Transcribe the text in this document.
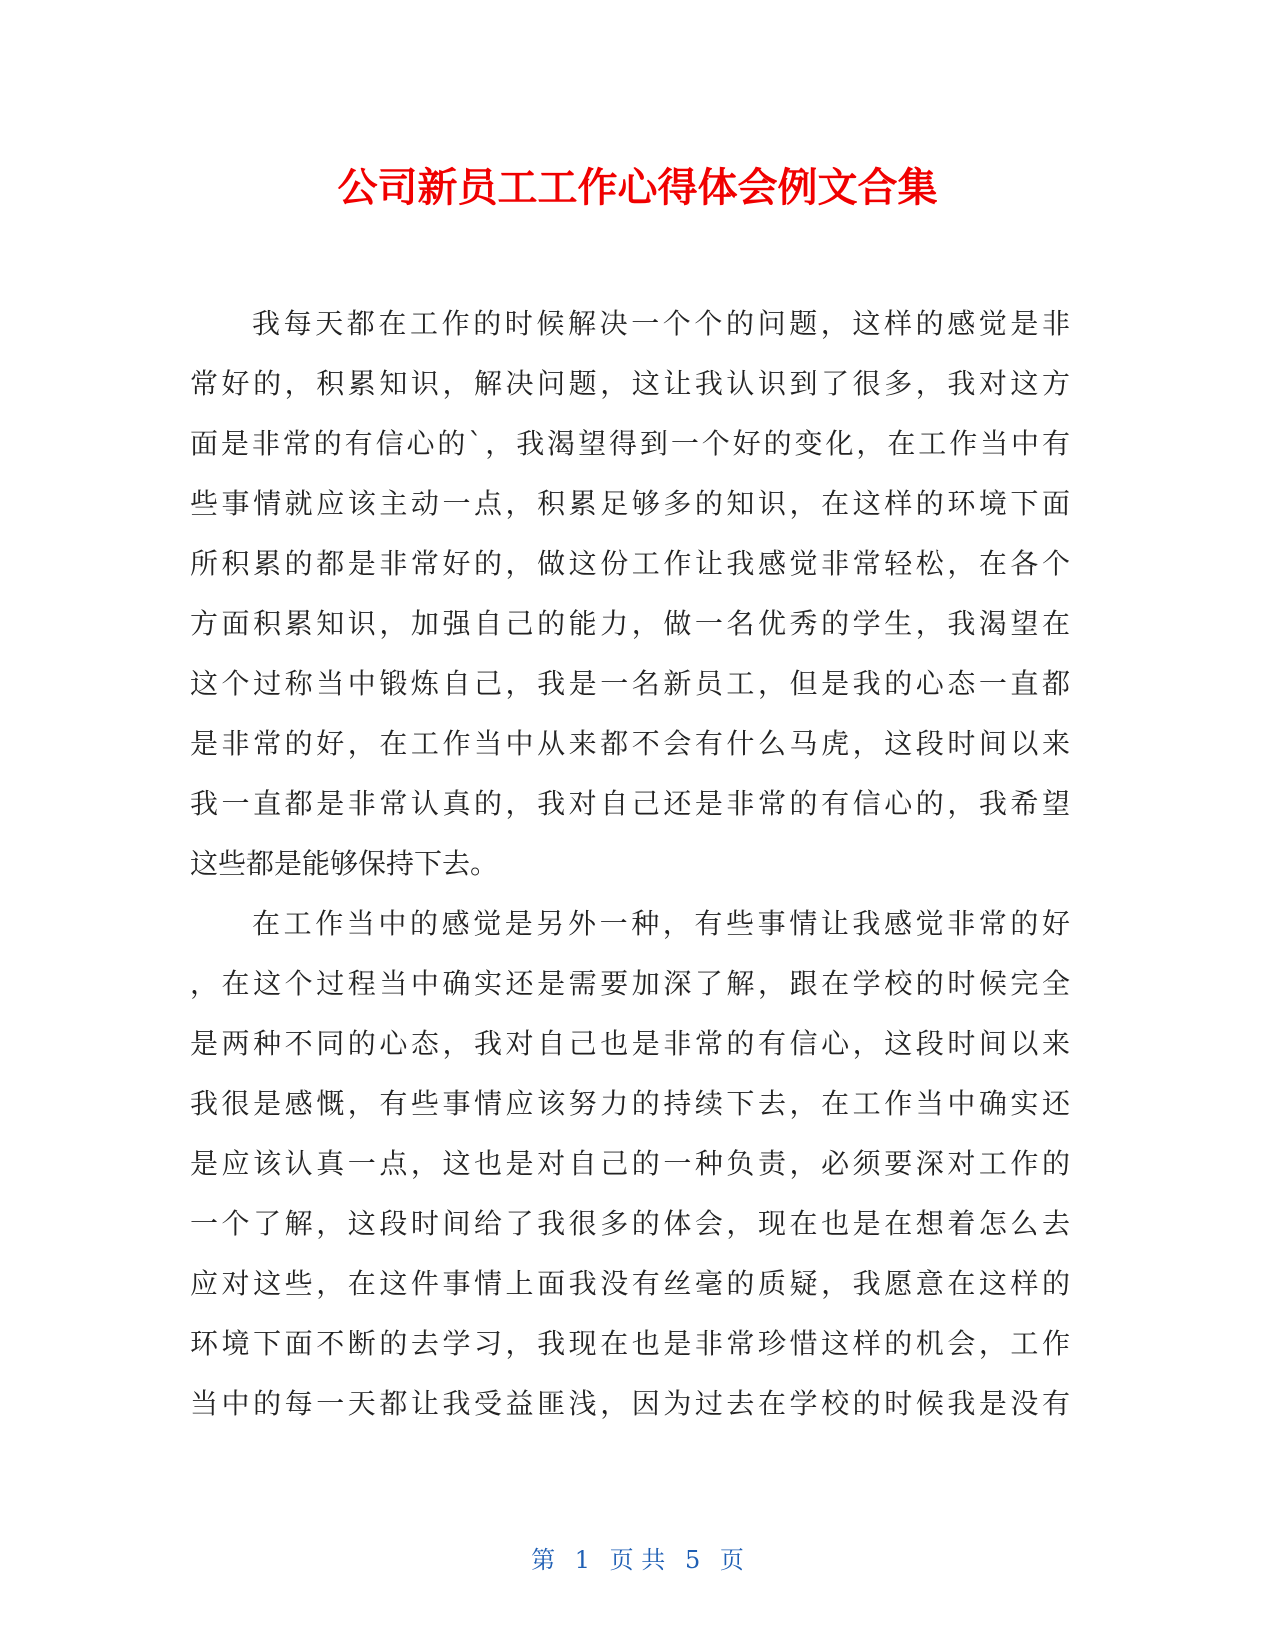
公司新员工工作心得体会例文合集
我每天都在工作的时候解决一个个的问题，这样的感觉是非
常好的，积累知识，解决问题，这让我认识到了很多，我对这方
面是非常的有信心的`，我渴望得到一个好的变化，在工作当中有
些事情就应该主动一点，积累足够多的知识，在这样的环境下面
所积累的都是非常好的，做这份工作让我感觉非常轻松，在各个
方面积累知识，加强自己的能力，做一名优秀的学生，我渴望在
这个过称当中锻炼自己，我是一名新员工，但是我的心态一直都
是非常的好，在工作当中从来都不会有什么马虎，这段时间以来
我一直都是非常认真的，我对自己还是非常的有信心的，我希望
这些都是能够保持下去。
在工作当中的感觉是另外一种，有些事情让我感觉非常的好
，在这个过程当中确实还是需要加深了解，跟在学校的时候完全
是两种不同的心态，我对自己也是非常的有信心，这段时间以来
我很是感慨，有些事情应该努力的持续下去，在工作当中确实还
是应该认真一点，这也是对自己的一种负责，必须要深对工作的
一个了解，这段时间给了我很多的体会，现在也是在想着怎么去
应对这些，在这件事情上面我没有丝毫的质疑，我愿意在这样的
环境下面不断的去学习，我现在也是非常珍惜这样的机会，工作
当中的每一天都让我受益匪浅，因为过去在学校的时候我是没有
第 1 页 共 5 页
